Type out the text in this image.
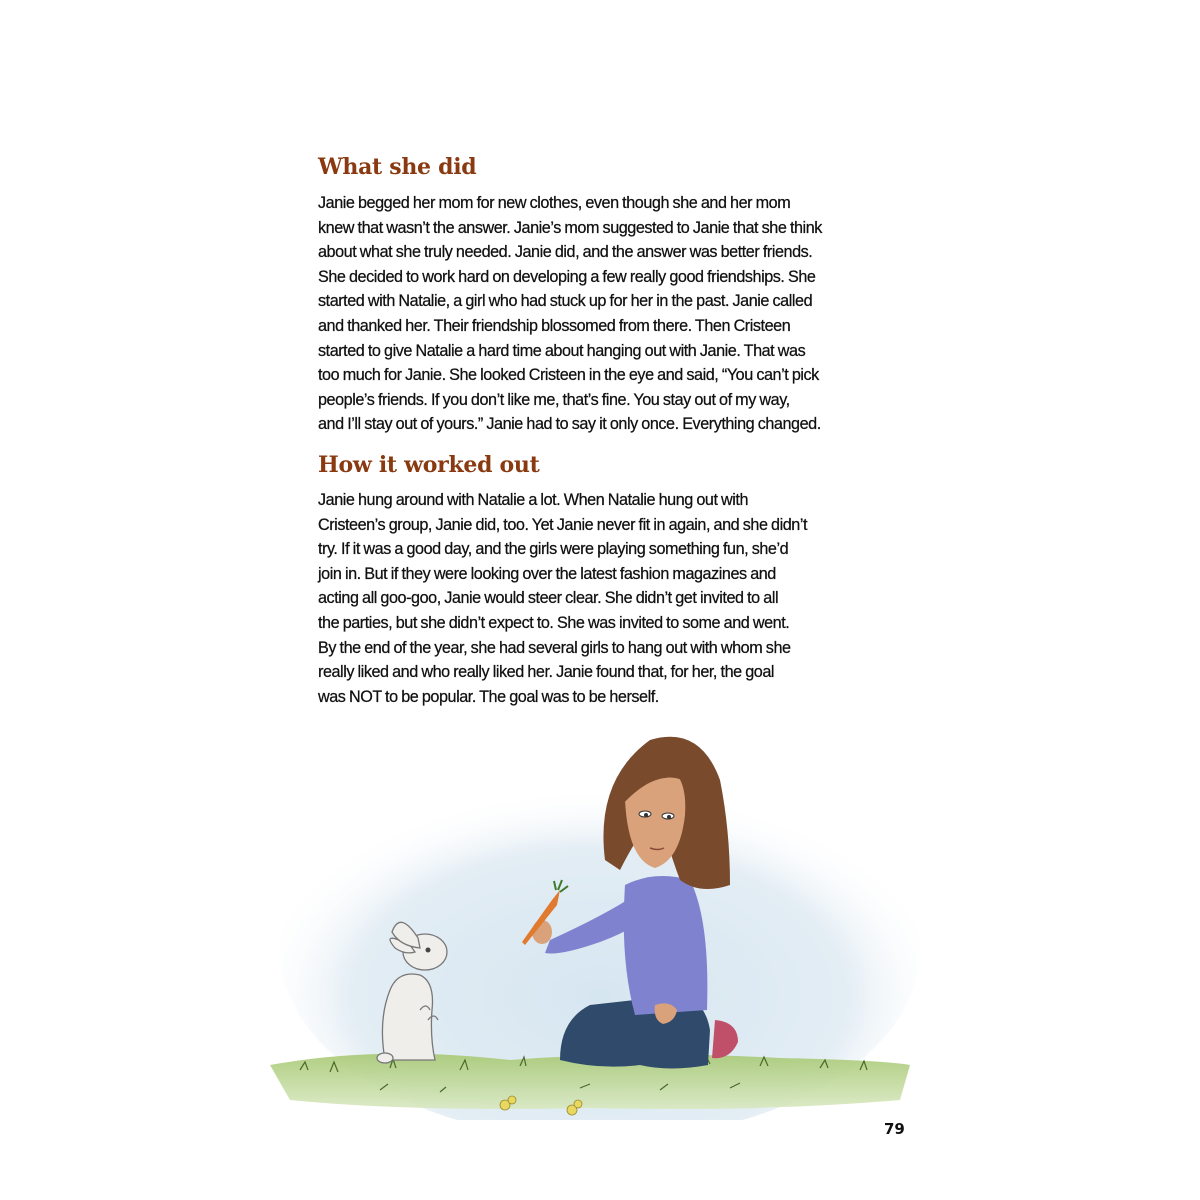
What she did
Janie begged her mom for new clothes, even though she and her mom
knew that wasn’t the answer. Janie’s mom suggested to Janie that she think
about what she truly needed. Janie did, and the answer was better friends.
She decided to work hard on developing a few really good friendships. She
started with Natalie, a girl who had stuck up for her in the past. Janie called
and thanked her. Their friendship blossomed from there. Then Cristeen
started to give Natalie a hard time about hanging out with Janie. That was
too much for Janie. She looked Cristeen in the eye and said, “You can’t pick
people’s friends. If you don’t like me, that’s fine. You stay out of my way,
and I’ll stay out of yours.” Janie had to say it only once. Everything changed.
How it worked out
Janie hung around with Natalie a lot. When Natalie hung out with
Cristeen’s group, Janie did, too. Yet Janie never fit in again, and she didn’t
try. If it was a good day, and the girls were playing something fun, she’d
join in. But if they were looking over the latest fashion magazines and
acting all goo-goo, Janie would steer clear. She didn’t get invited to all
the parties, but she didn’t expect to. She was invited to some and went.
By the end of the year, she had several girls to hang out with whom she
really liked and who really liked her. Janie found that, for her, the goal
was NOT to be popular. The goal was to be herself.
79
